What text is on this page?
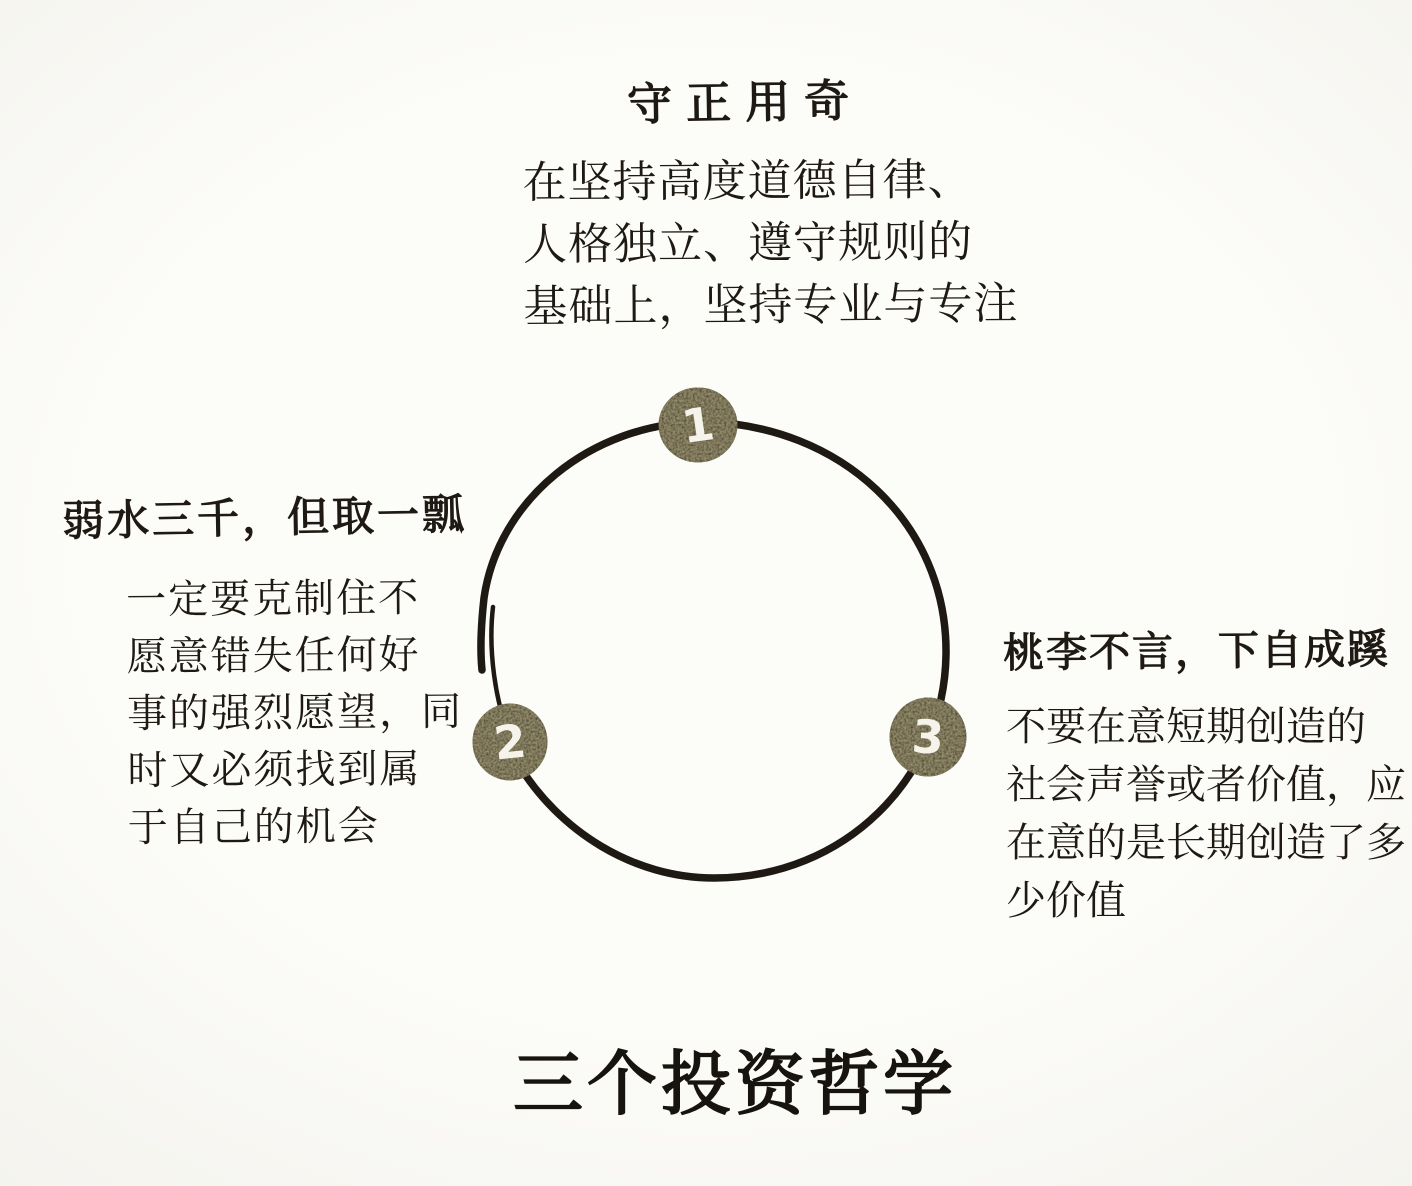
1
2	3
守正用奇
在坚持高度道德自律、
人格独立、遵守规则的
基础上，坚持专业与专注
弱水三千，但取一瓢
一定要克制住不
愿意错失任何好
事的强烈愿望，同
时又必须找到属
于自己的机会
桃李不言，下自成蹊
不要在意短期创造的
社会声誉或者价值，应
在意的是长期创造了多
少价值
三个投资哲学
